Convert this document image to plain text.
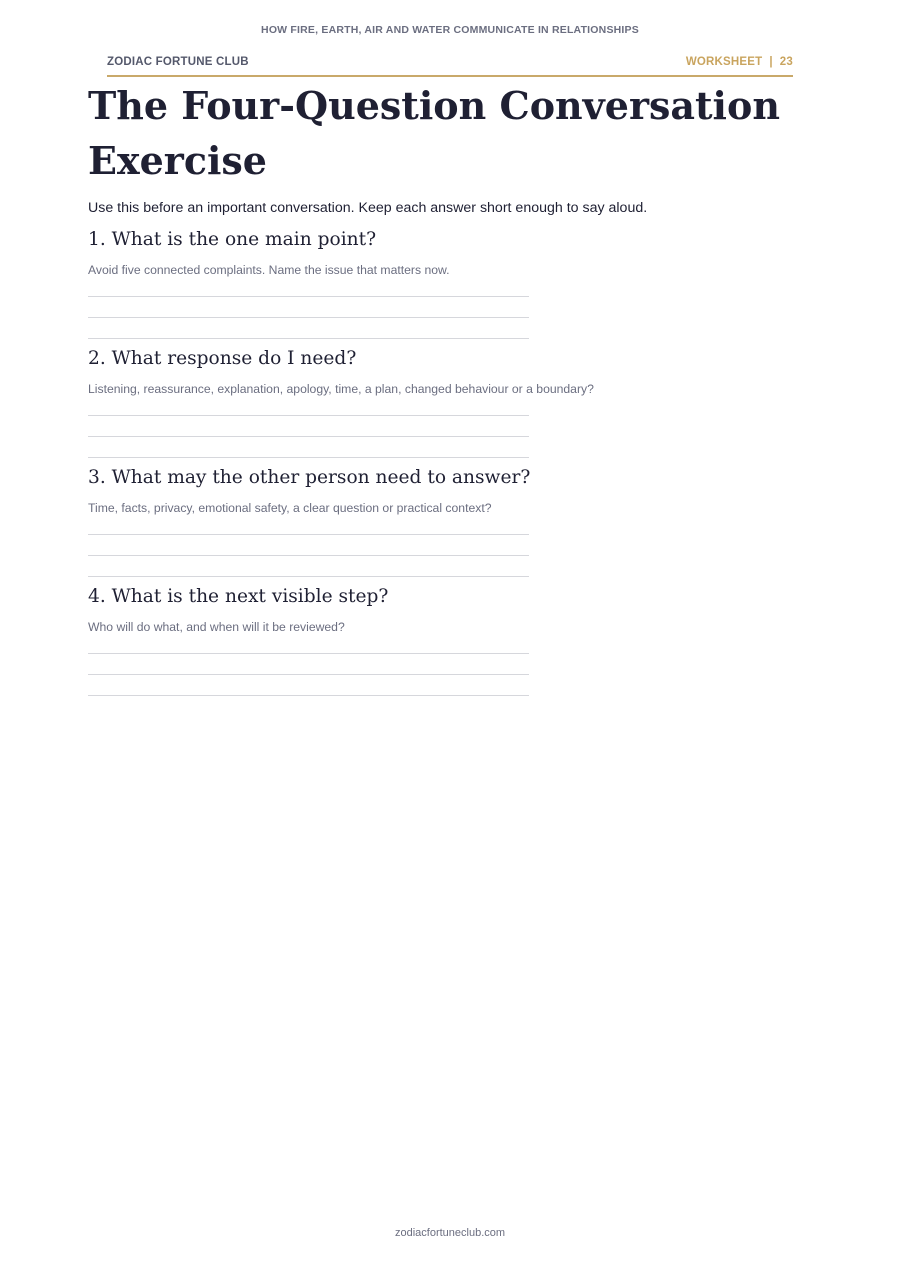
HOW FIRE, EARTH, AIR AND WATER COMMUNICATE IN RELATIONSHIPS
ZODIAC FORTUNE CLUB	WORKSHEET | 23
The Four-Question Conversation Exercise

Use this before an important conversation. Keep each answer short enough to say aloud.

1. What is the one main point?

Avoid five connected complaints. Name the issue that matters now.

2. What response do I need?

Listening, reassurance, explanation, apology, time, a plan, changed behaviour or a boundary?

3. What may the other person need to answer?

Time, facts, privacy, emotional safety, a clear question or practical context?

4. What is the next visible step?

Who will do what, and when will it be reviewed?

zodiacfortuneclub.com
